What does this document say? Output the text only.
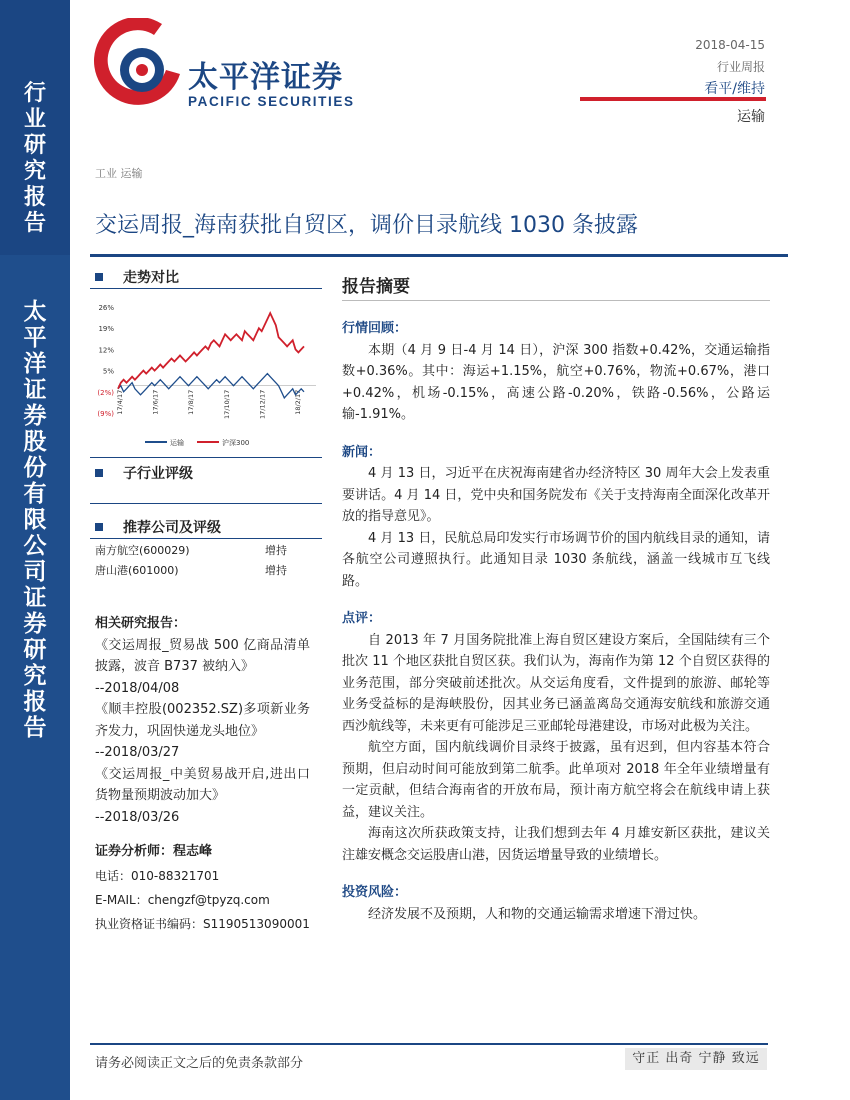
行
业
研
究
报
告
太
平
洋
证
券
股
份
有
限
公
司
证
券
研
究
报
告
太平洋证券
PACIFIC SECURITIES
2018-04-15
行业周报
看平/维持
运输
工业 运输
交运周报_海南获批自贸区，调价目录航线 1030 条披露
走势对比
26%
19%
12%
5%
(2%)
(9%) 17/4/17	17/6/17	17/8/17	17/10/17	17/12/17	18/2/17
运输	沪深300
子行业评级
推荐公司及评级
南方航空(600029)	增持
唐山港(601000)	增持
相关研究报告：
《交运周报_贸易战 500 亿商品清单披露，波音 B737 被纳入》
--2018/04/08
《顺丰控股(002352.SZ)多项新业务齐发力，巩固快递龙头地位》
--2018/03/27
《交运周报_中美贸易战开启,进出口货物量预期波动加大》
--2018/03/26
证券分析师：程志峰
电话：010-88321701
E-MAIL：chengzf@tpyzq.com
执业资格证书编码：S1190513090001
报告摘要
行情回顾：
本期（4 月 9 日-4 月 14 日），沪深 300 指数+0.42%，交通运输指数+0.36%。其中：海运+1.15%，航空+0.76%，物流+0.67%，港口+0.42%，机场-0.15%，高速公路-0.20%，铁路-0.56%，公路运输-1.91%。
新闻：
4 月 13 日，习近平在庆祝海南建省办经济特区 30 周年大会上发表重要讲话。4 月 14 日，党中央和国务院发布《关于支持海南全面深化改革开放的指导意见》。
4 月 13 日，民航总局印发实行市场调节价的国内航线目录的通知，请各航空公司遵照执行。此通知目录 1030 条航线，涵盖一线城市互飞线路。
点评：
自 2013 年 7 月国务院批准上海自贸区建设方案后，全国陆续有三个批次 11 个地区获批自贸区获。我们认为，海南作为第 12 个自贸区获得的业务范围，部分突破前述批次。从交运角度看，文件提到的旅游、邮轮等业务受益标的是海峡股份，因其业务已涵盖离岛交通海安航线和旅游交通西沙航线等，未来更有可能涉足三亚邮轮母港建设，市场对此极为关注。
航空方面，国内航线调价目录终于披露，虽有迟到，但内容基本符合预期，但启动时间可能放到第二航季。此单项对 2018 年全年业绩增量有一定贡献，但结合海南省的开放布局，预计南方航空将会在航线申请上获益，建议关注。
海南这次所获政策支持，让我们想到去年 4 月雄安新区获批，建议关注雄安概念交运股唐山港，因货运增量导致的业绩增长。
投资风险：
经济发展不及预期，人和物的交通运输需求增速下滑过快。
请务必阅读正文之后的免责条款部分	守正 出奇 宁静 致远
